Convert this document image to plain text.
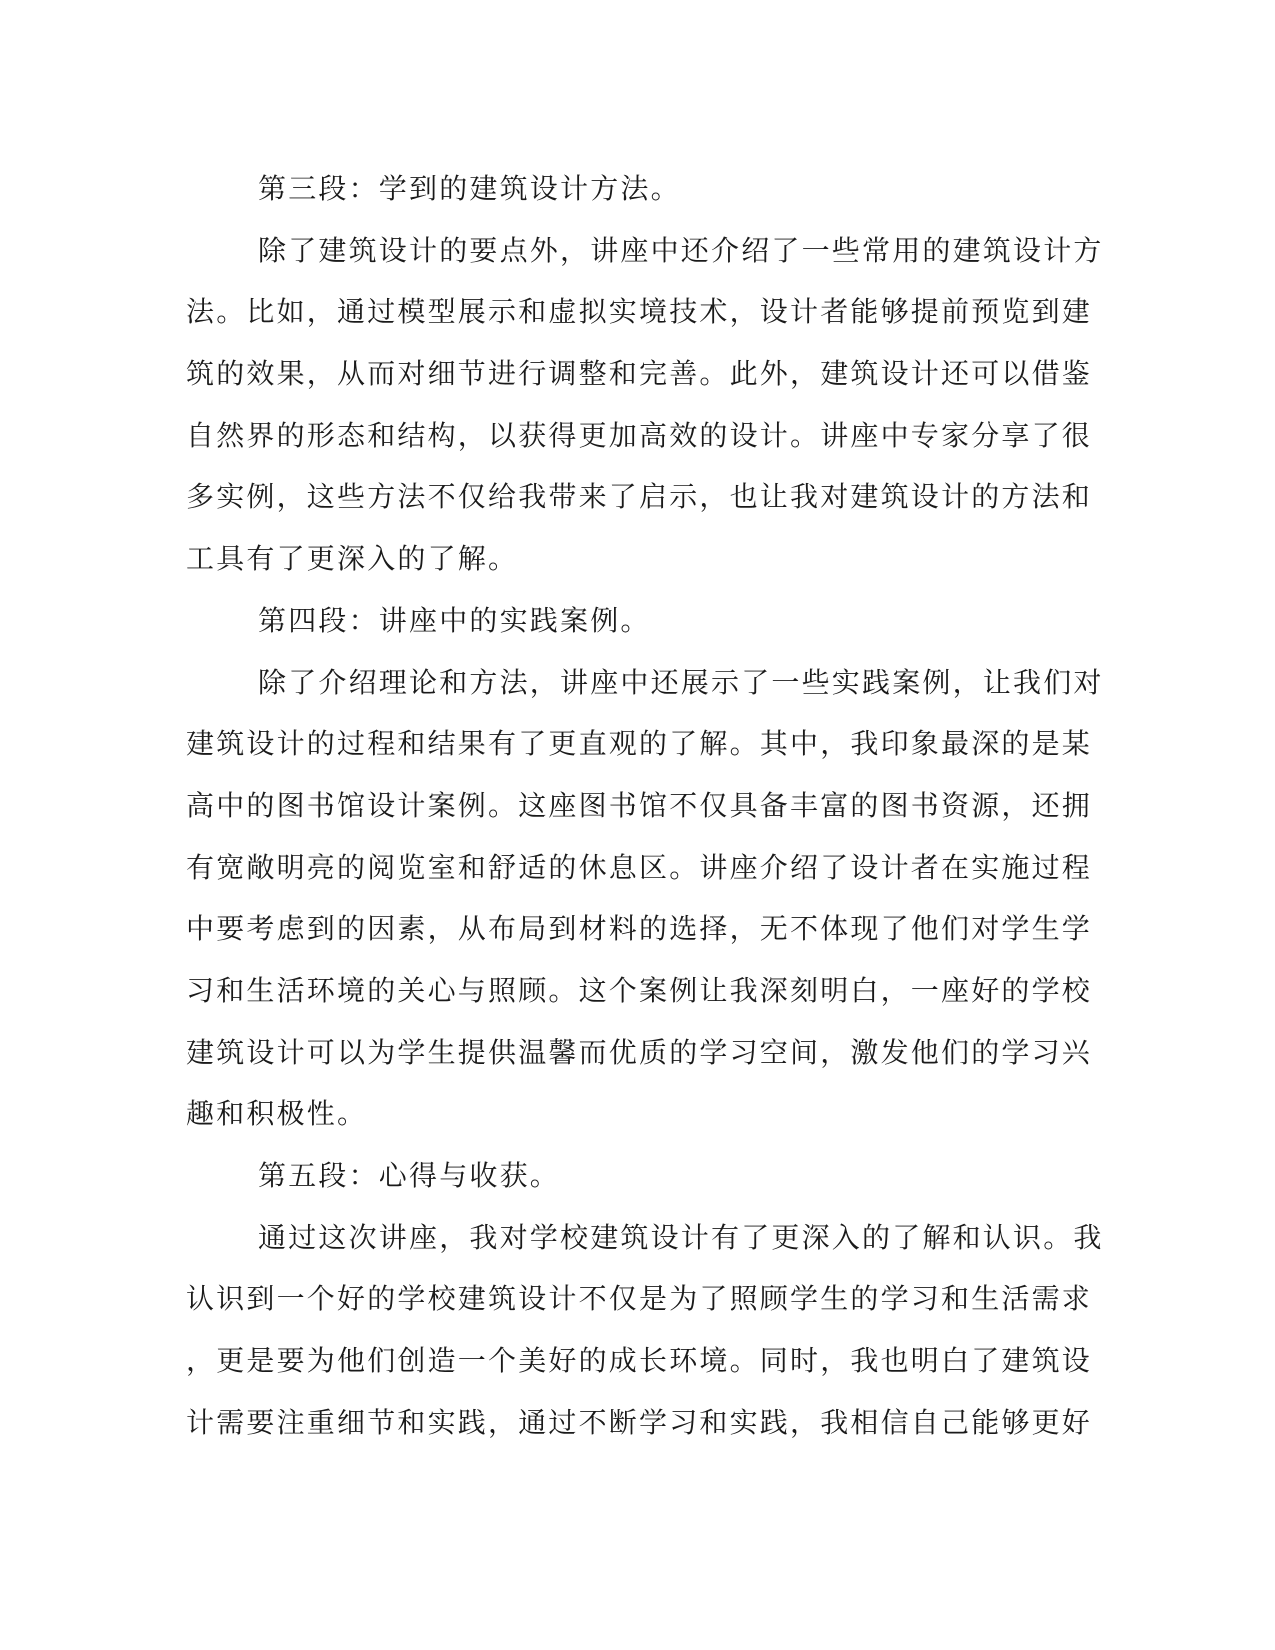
第三段：学到的建筑设计方法。
除了建筑设计的要点外，讲座中还介绍了一些常用的建筑设计方
法。比如，通过模型展示和虚拟实境技术，设计者能够提前预览到建
筑的效果，从而对细节进行调整和完善。此外，建筑设计还可以借鉴
自然界的形态和结构，以获得更加高效的设计。讲座中专家分享了很
多实例，这些方法不仅给我带来了启示，也让我对建筑设计的方法和
工具有了更深入的了解。
第四段：讲座中的实践案例。
除了介绍理论和方法，讲座中还展示了一些实践案例，让我们对
建筑设计的过程和结果有了更直观的了解。其中，我印象最深的是某
高中的图书馆设计案例。这座图书馆不仅具备丰富的图书资源，还拥
有宽敞明亮的阅览室和舒适的休息区。讲座介绍了设计者在实施过程
中要考虑到的因素，从布局到材料的选择，无不体现了他们对学生学
习和生活环境的关心与照顾。这个案例让我深刻明白，一座好的学校
建筑设计可以为学生提供温馨而优质的学习空间，激发他们的学习兴
趣和积极性。
第五段：心得与收获。
通过这次讲座，我对学校建筑设计有了更深入的了解和认识。我
认识到一个好的学校建筑设计不仅是为了照顾学生的学习和生活需求
，更是要为他们创造一个美好的成长环境。同时，我也明白了建筑设
计需要注重细节和实践，通过不断学习和实践，我相信自己能够更好
